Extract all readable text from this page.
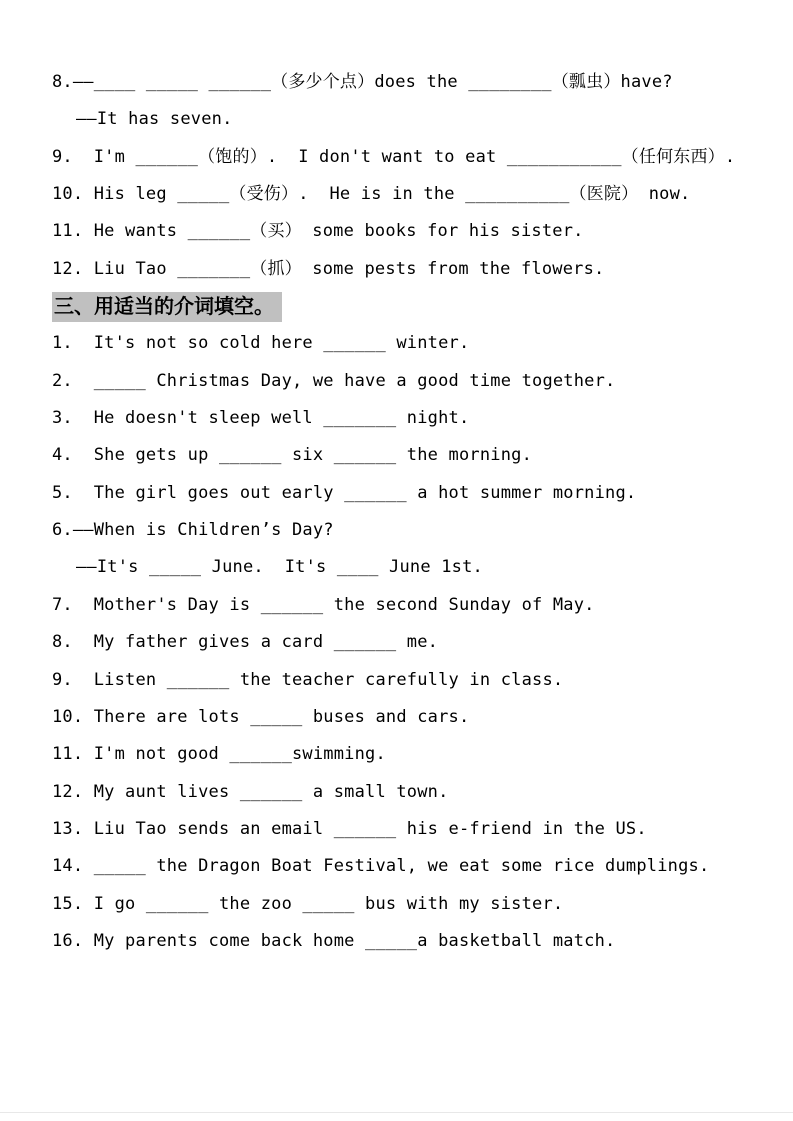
8.——____ _____ ______（多少个点）does the ________（瓢虫）have?
——It has seven.
9.  I'm ______（饱的）.  I don't want to eat ___________（任何东西）.
10. His leg _____（受伤）.  He is in the __________（医院） now.
11. He wants ______（买） some books for his sister.
12. Liu Tao _______（抓） some pests from the flowers.
三、用适当的介词填空。
1.  It's not so cold here ______ winter.
2.  _____ Christmas Day, we have a good time together.
3.  He doesn't sleep well _______ night.
4.  She gets up ______ six ______ the morning.
5.  The girl goes out early ______ a hot summer morning.
6.——When is Children’s Day?
——It's _____ June.  It's ____ June 1st.
7.  Mother's Day is ______ the second Sunday of May.
8.  My father gives a card ______ me.
9.  Listen ______ the teacher carefully in class.
10. There are lots _____ buses and cars.
11. I'm not good ______swimming.
12. My aunt lives ______ a small town.
13. Liu Tao sends an email ______ his e-friend in the US.
14. _____ the Dragon Boat Festival, we eat some rice dumplings.
15. I go ______ the zoo _____ bus with my sister.
16. My parents come back home _____a basketball match.
